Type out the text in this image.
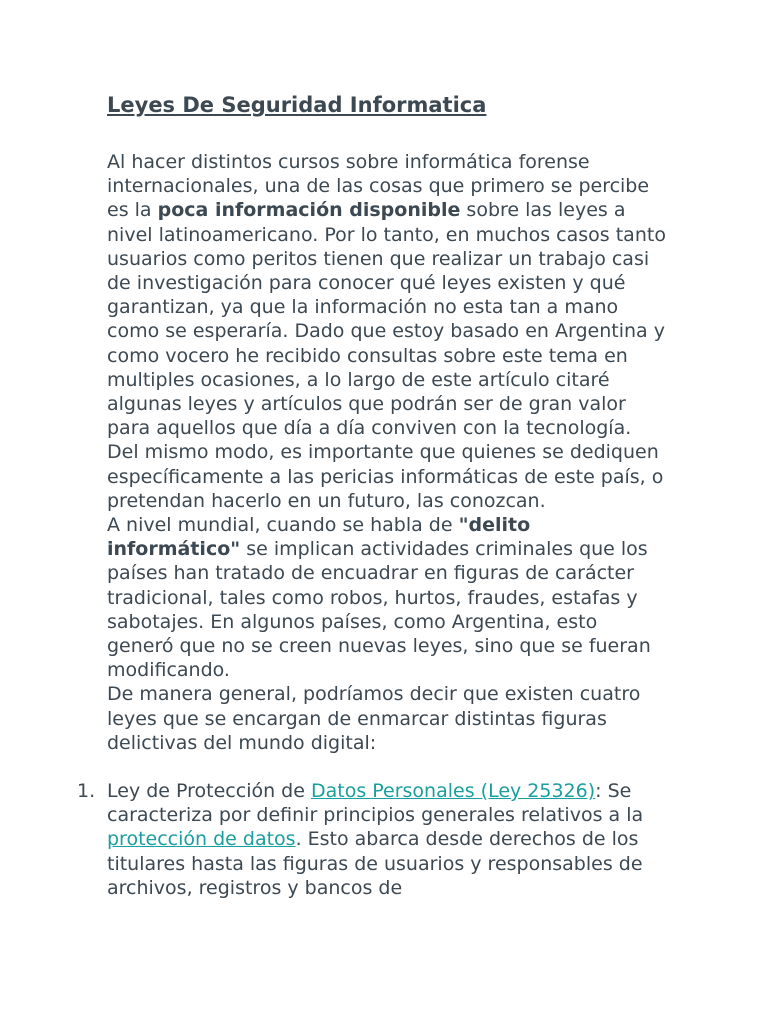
Leyes De Seguridad Informatica

Al hacer distintos cursos sobre informática forense internacionales, una de las cosas que primero se percibe es la poca información disponible sobre las leyes a nivel latinoamericano. Por lo tanto, en muchos casos tanto usuarios como peritos tienen que realizar un trabajo casi de investigación para conocer qué leyes existen y qué garantizan, ya que la información no esta tan a mano como se esperaría. Dado que estoy basado en Argentina y como vocero he recibido consultas sobre este tema en multiples ocasiones, a lo largo de este artículo citaré algunas leyes y artículos que podrán ser de gran valor para aquellos que día a día conviven con la tecnología. Del mismo modo, es importante que quienes se dediquen específicamente a las pericias informáticas de este país, o pretendan hacerlo en un futuro, las conozcan.

A nivel mundial, cuando se habla de "delito informático" se implican actividades criminales que los países han tratado de encuadrar en figuras de carácter tradicional, tales como robos, hurtos, fraudes, estafas y sabotajes. En algunos países, como Argentina, esto generó que no se creen nuevas leyes, sino que se fueran modificando.

De manera general, podríamos decir que existen cuatro leyes que se encargan de enmarcar distintas figuras delictivas del mundo digital:

1. Ley de Protección de Datos Personales (Ley 25326): Se caracteriza por definir principios generales relativos a la protección de datos. Esto abarca desde derechos de los titulares hasta las figuras de usuarios y responsables de archivos, registros y bancos de
